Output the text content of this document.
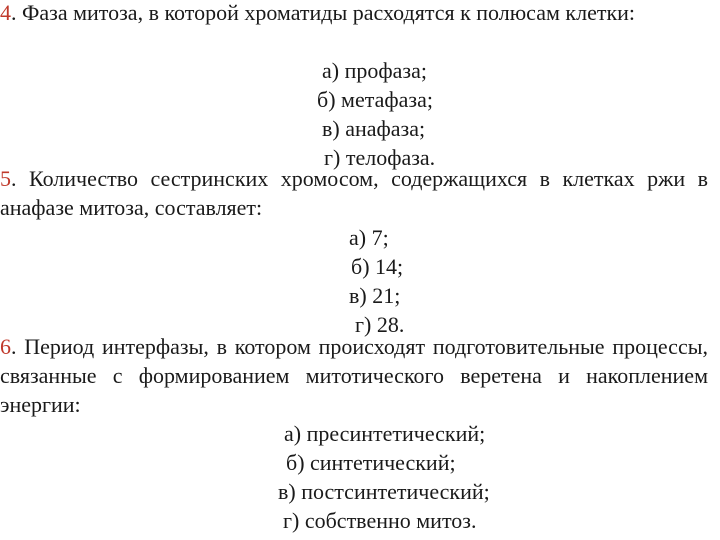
4. Фаза митоза, в которой хроматиды расходятся к полюсам клетки:
а) профаза;
б) метафаза;
в) анафаза;
г) телофаза.
5. Количество сестринских хромосом, содержащихся в клетках ржи в анафазе митоза, составляет:
а) 7;
б) 14;
в) 21;
г) 28.
6. Период интерфазы, в котором происходят подготовительные процессы, связанные с формированием митотического веретена и накоплением энергии:
а) пресинтетический;
б) синтетический;
в) постсинтетический;
г) собственно митоз.
